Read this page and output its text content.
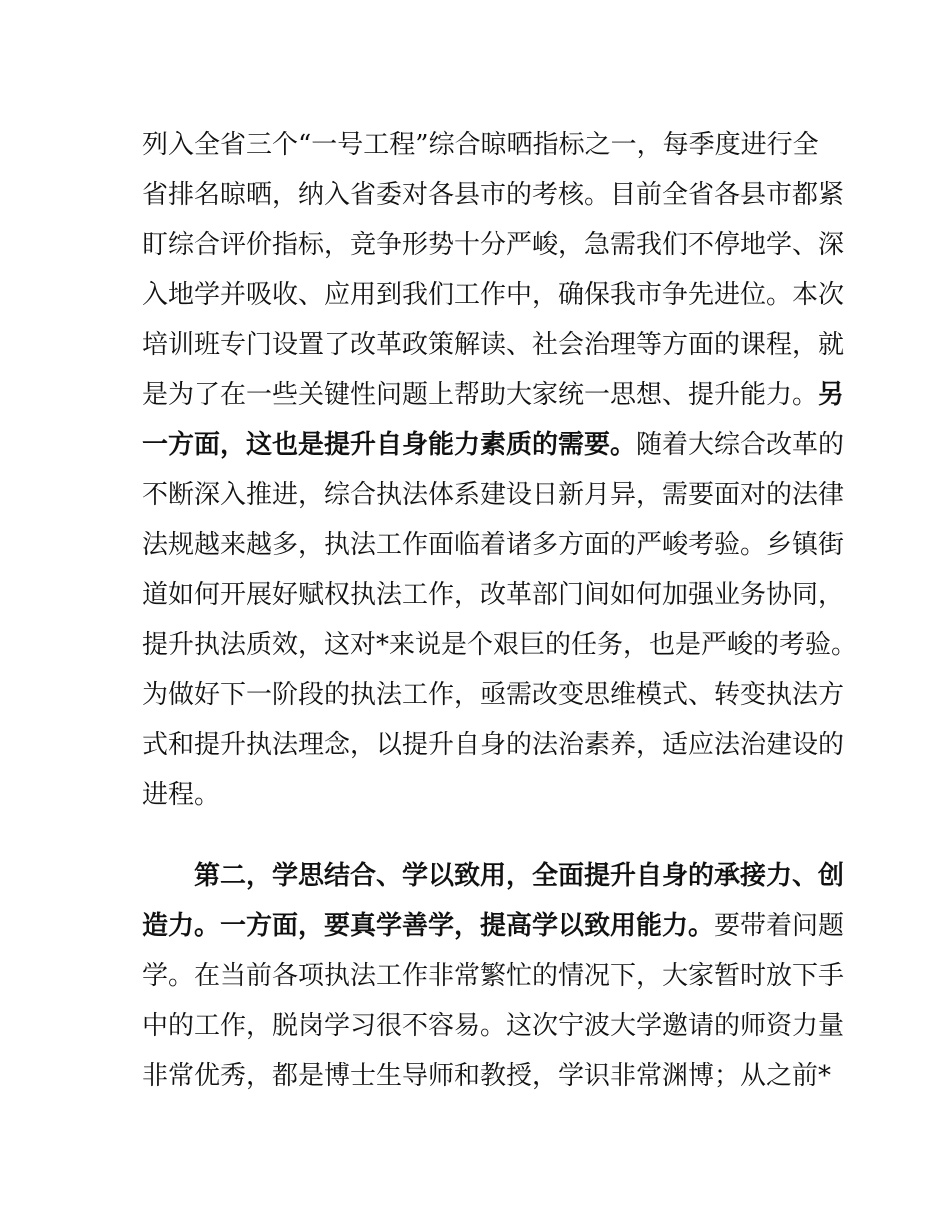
列入全省三个“一号工程”综合晾晒指标之一，每季度进行全
省排名晾晒，纳入省委对各县市的考核。目前全省各县市都紧
盯综合评价指标，竞争形势十分严峻，急需我们不停地学、深
入地学并吸收、应用到我们工作中，确保我市争先进位。本次
培训班专门设置了改革政策解读、社会治理等方面的课程，就
是为了在一些关键性问题上帮助大家统一思想、提升能力。另
一方面，这也是提升自身能力素质的需要。随着大综合改革的
不断深入推进，综合执法体系建设日新月异，需要面对的法律
法规越来越多，执法工作面临着诸多方面的严峻考验。乡镇街
道如何开展好赋权执法工作，改革部门间如何加强业务协同，
提升执法质效，这对*来说是个艰巨的任务，也是严峻的考验。
为做好下一阶段的执法工作，亟需改变思维模式、转变执法方
式和提升执法理念，以提升自身的法治素养，适应法治建设的
进程。
第二，学思结合、学以致用，全面提升自身的承接力、创
造力。一方面，要真学善学，提高学以致用能力。要带着问题
学。在当前各项执法工作非常繁忙的情况下，大家暂时放下手
中的工作，脱岗学习很不容易。这次宁波大学邀请的师资力量
非常优秀，都是博士生导师和教授，学识非常渊博；从之前*
